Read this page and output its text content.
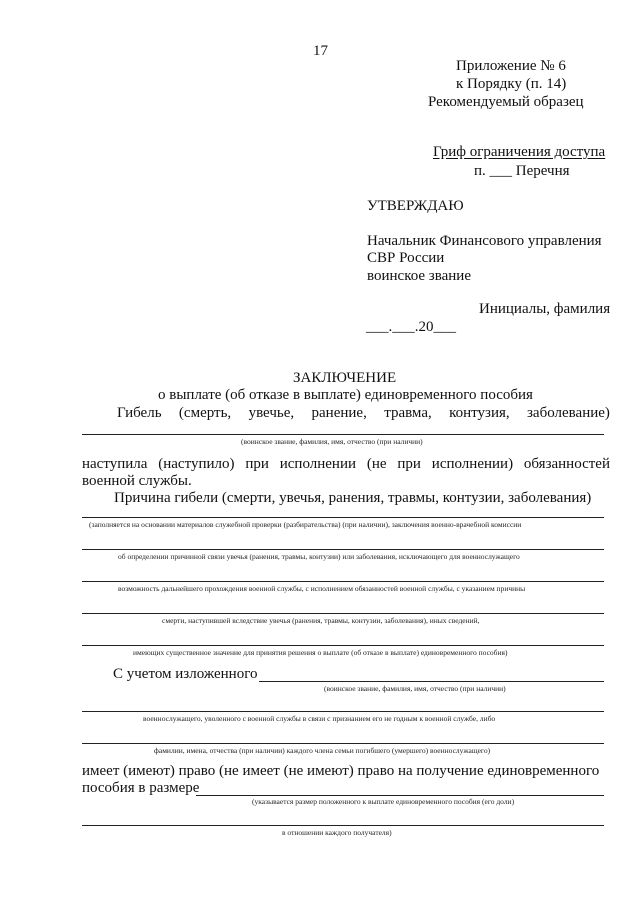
17
Приложение № 6
к Порядку (п. 14)
Рекомендуемый образец
Гриф ограничения доступа
п. ___ Перечня
УТВЕРЖДАЮ
Начальник Финансового управления
СВР России
воинское звание
Инициалы, фамилия
___.___.20___
ЗАКЛЮЧЕНИЕ
о выплате (об отказе в выплате) единовременного пособия
Гибель (смерть, увечье, ранение, травма, контузия, заболевание)
(воинское звание, фамилия, имя, отчество (при наличии)
наступила (наступило) при исполнении (не при исполнении) обязанностей
военной службы.
Причина гибели (смерти, увечья, ранения, травмы, контузии, заболевания)
(заполняется на основании материалов служебной проверки (разбирательства) (при наличии), заключения военно-врачебной комиссии
об определении причинной связи увечья (ранения, травмы, контузии) или заболевания, исключающего для военнослужащего
возможность дальнейшего прохождения военной службы, с исполнением обязанностей военной службы, с указанием причины
смерти, наступившей вследствие увечья (ранения, травмы, контузии, заболевания), иных сведений,
имеющих существенное значение для принятия решения о выплате (об отказе в выплате) единовременного пособия)
С учетом изложенного
(воинское звание, фамилия, имя, отчество (при наличии)
военнослужащего, уволенного с военной службы в связи с признанием его не годным к военной службе, либо
фамилии, имена, отчества (при наличии) каждого члена семьи погибшего (умершего) военнослужащего)
имеет (имеют) право (не имеет (не имеют) право на получение единовременного
пособия в размере
(указывается размер положенного к выплате единовременного пособия (его доли)
в отношении каждого получателя)
